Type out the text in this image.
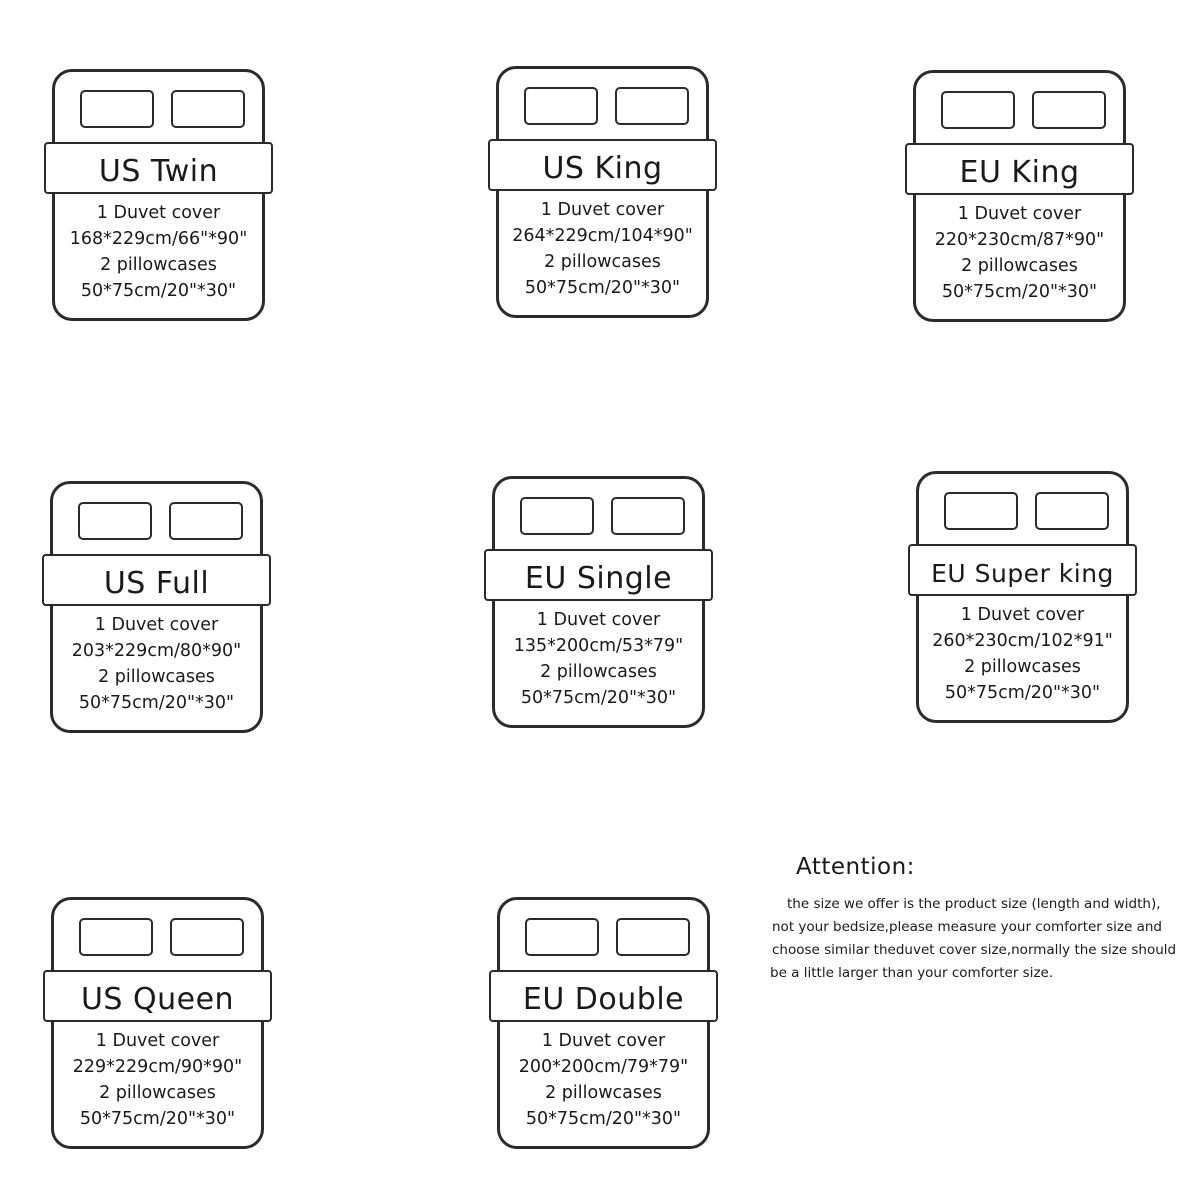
US Twin
1 Duvet cover
168*229cm/66"*90"
2 pillowcases
50*75cm/20"*30"
US King
1 Duvet cover
264*229cm/104*90"
2 pillowcases
50*75cm/20"*30"
EU King
1 Duvet cover
220*230cm/87*90"
2 pillowcases
50*75cm/20"*30"
US Full
1 Duvet cover
203*229cm/80*90"
2 pillowcases
50*75cm/20"*30"
EU Single
1 Duvet cover
135*200cm/53*79"
2 pillowcases
50*75cm/20"*30"
EU Super king
1 Duvet cover
260*230cm/102*91"
2 pillowcases
50*75cm/20"*30"
US Queen
1 Duvet cover
229*229cm/90*90"
2 pillowcases
50*75cm/20"*30"
EU Double
1 Duvet cover
200*200cm/79*79"
2 pillowcases
50*75cm/20"*30"
Attention:
the size we offer is the product size (length and width),
not your bedsize,please measure your comforter size and
choose similar theduvet cover size,normally the size should
be a little larger than your comforter size.
